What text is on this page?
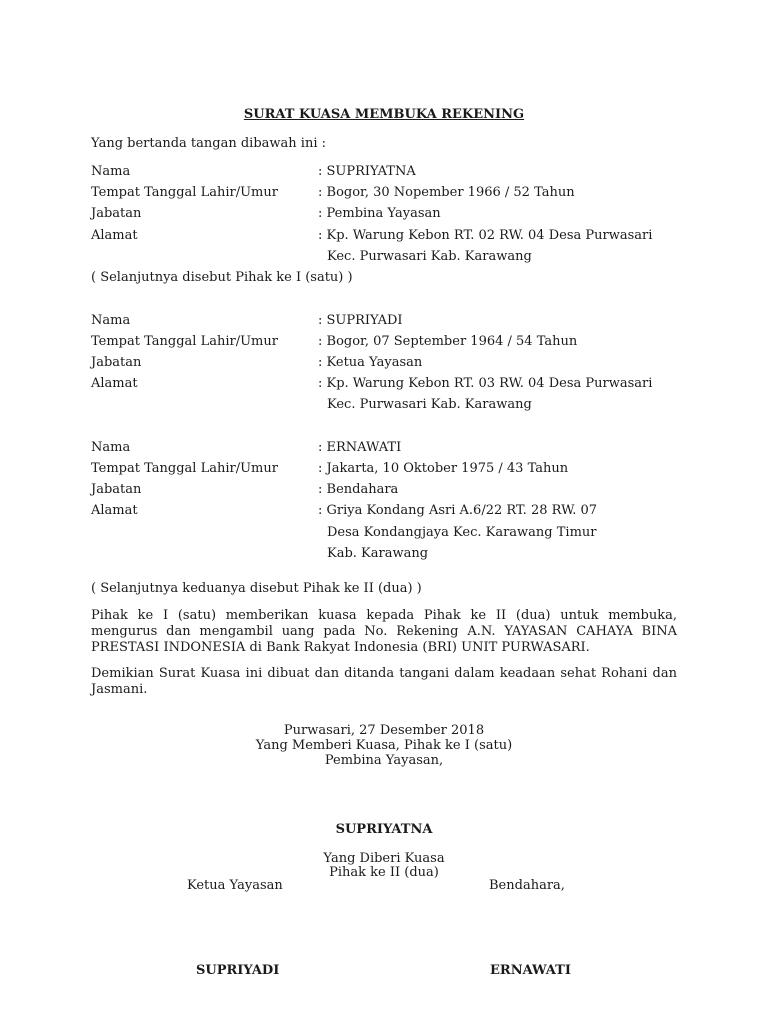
SURAT KUASA MEMBUKA REKENING
Yang bertanda tangan dibawah ini :
Nama	: SUPRIYATNA
Tempat Tanggal Lahir/Umur	: Bogor, 30 Nopember 1966 / 52 Tahun
Jabatan	: Pembina Yayasan
Alamat	: Kp. Warung Kebon RT. 02 RW. 04 Desa Purwasari
Kec. Purwasari Kab. Karawang
( Selanjutnya disebut Pihak ke I (satu) )
Nama	: SUPRIYADI
Tempat Tanggal Lahir/Umur	: Bogor, 07 September 1964 / 54 Tahun
Jabatan	: Ketua Yayasan
Alamat	: Kp. Warung Kebon RT. 03 RW. 04 Desa Purwasari
Kec. Purwasari Kab. Karawang
Nama	: ERNAWATI
Tempat Tanggal Lahir/Umur	: Jakarta, 10 Oktober 1975 / 43 Tahun
Jabatan	: Bendahara
Alamat	: Griya Kondang Asri A.6/22 RT. 28 RW. 07
Desa Kondangjaya Kec. Karawang Timur
Kab. Karawang
( Selanjutnya keduanya disebut Pihak ke II (dua) )
Pihak ke I (satu) memberikan kuasa kepada Pihak ke II (dua) untuk membuka, mengurus dan mengambil uang pada No. Rekening A.N. YAYASAN CAHAYA BINA PRESTASI INDONESIA di Bank Rakyat Indonesia (BRI) UNIT PURWASARI.
Demikian Surat Kuasa ini dibuat dan ditanda tangani dalam keadaan sehat Rohani dan Jasmani.
Purwasari, 27 Desember 2018
Yang Memberi Kuasa, Pihak ke I (satu)
Pembina Yayasan,
SUPRIYATNA
Yang Diberi Kuasa
Pihak ke II (dua)
Ketua Yayasan	Bendahara,
SUPRIYADI	ERNAWATI
